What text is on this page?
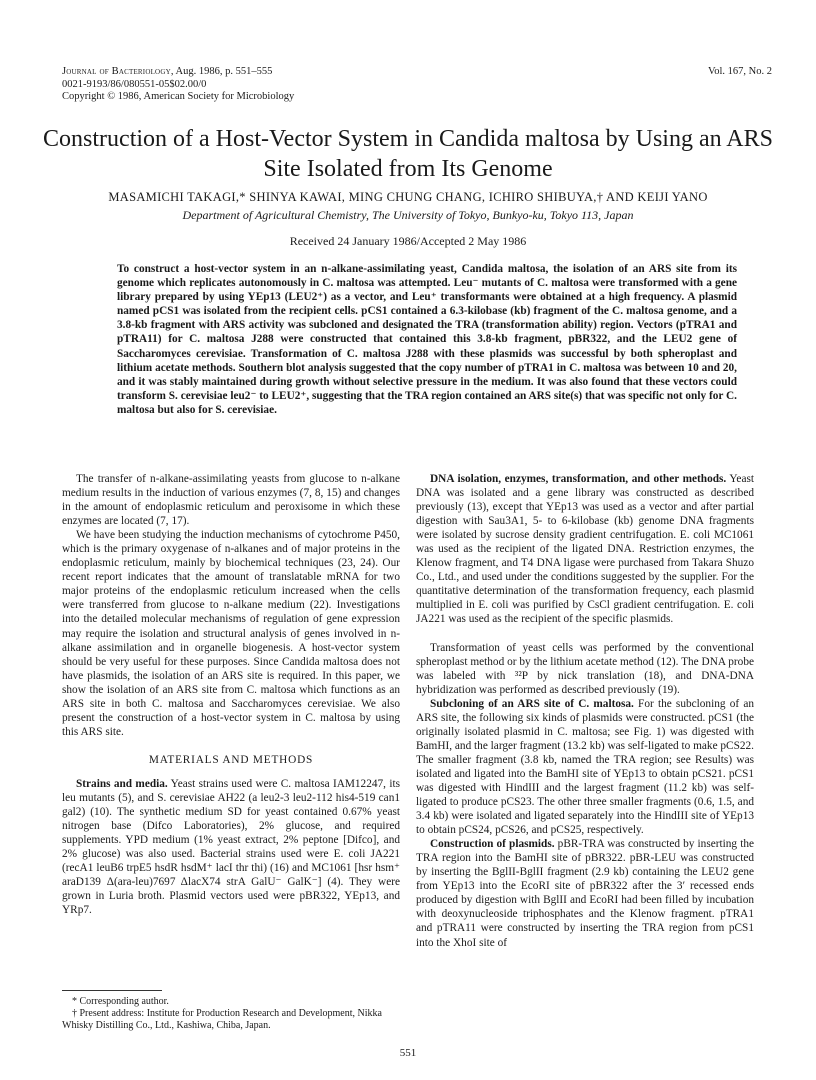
Journal of Bacteriology, Aug. 1986, p. 551–555
0021-9193/86/080551-05$02.00/0
Copyright © 1986, American Society for Microbiology
Vol. 167, No. 2
Construction of a Host-Vector System in Candida maltosa by Using an ARS Site Isolated from Its Genome
MASAMICHI TAKAGI,* SHINYA KAWAI, MING CHUNG CHANG, ICHIRO SHIBUYA,† AND KEIJI YANO
Department of Agricultural Chemistry, The University of Tokyo, Bunkyo-ku, Tokyo 113, Japan
Received 24 January 1986/Accepted 2 May 1986

To construct a host-vector system in an n-alkane-assimilating yeast, Candida maltosa, the isolation of an ARS site from its genome which replicates autonomously in C. maltosa was attempted. Leu⁻ mutants of C. maltosa were transformed with a gene library prepared by using YEp13 (LEU2⁺) as a vector, and Leu⁺ transformants were obtained at a high frequency. A plasmid named pCS1 was isolated from the recipient cells. pCS1 contained a 6.3-kilobase (kb) fragment of the C. maltosa genome, and a 3.8-kb fragment with ARS activity was subcloned and designated the TRA (transformation ability) region. Vectors (pTRA1 and pTRA11) for C. maltosa J288 were constructed that contained this 3.8-kb fragment, pBR322, and the LEU2 gene of Saccharomyces cerevisiae. Transformation of C. maltosa J288 with these plasmids was successful by both spheroplast and lithium acetate methods. Southern blot analysis suggested that the copy number of pTRA1 in C. maltosa was between 10 and 20, and it was stably maintained during growth without selective pressure in the medium. It was also found that these vectors could transform S. cerevisiae leu2⁻ to LEU2⁺, suggesting that the TRA region contained an ARS site(s) that was specific not only for C. maltosa but also for S. cerevisiae.

The transfer of n-alkane-assimilating yeasts from glucose to n-alkane medium results in the induction of various enzymes (7, 8, 15) and changes in the amount of endoplasmic reticulum and peroxisome in which these enzymes are located (7, 17).

We have been studying the induction mechanisms of cytochrome P450, which is the primary oxygenase of n-alkanes and of major proteins in the endoplasmic reticulum, mainly by biochemical techniques (23, 24). Our recent report indicates that the amount of translatable mRNA for two major proteins of the endoplasmic reticulum increased when the cells were transferred from glucose to n-alkane medium (22). Investigations into the detailed molecular mechanisms of regulation of gene expression may require the isolation and structural analysis of genes involved in n-alkane assimilation and in organelle biogenesis. A host-vector system should be very useful for these purposes. Since Candida maltosa does not have plasmids, the isolation of an ARS site is required. In this paper, we show the isolation of an ARS site from C. maltosa which functions as an ARS site in both C. maltosa and Saccharomyces cerevisiae. We also present the construction of a host-vector system in C. maltosa by using this ARS site.

MATERIALS AND METHODS

Strains and media. Yeast strains used were C. maltosa IAM12247, its leu mutants (5), and S. cerevisiae AH22 (a leu2-3 leu2-112 his4-519 can1 gal2) (10). The synthetic medium SD for yeast contained 0.67% yeast nitrogen base (Difco Laboratories), 2% glucose, and required supplements. YPD medium (1% yeast extract, 2% peptone [Difco], and 2% glucose) was also used. Bacterial strains used were E. coli JA221 (recA1 leuB6 trpE5 hsdR hsdM⁺ lacI thr thi) (16) and MC1061 [hsr hsm⁺ araD139 Δ(ara-leu)7697 ΔlacX74 strA GalU⁻ GalK⁻] (4). They were grown in Luria broth. Plasmid vectors used were pBR322, YEp13, and YRp7.

* Corresponding author.

† Present address: Institute for Production Research and Development, Nikka Whisky Distilling Co., Ltd., Kashiwa, Chiba, Japan.

DNA isolation, enzymes, transformation, and other methods. Yeast DNA was isolated and a gene library was constructed as described previously (13), except that YEp13 was used as a vector and after partial digestion with Sau3A1, 5- to 6-kilobase (kb) genome DNA fragments were isolated by sucrose density gradient centrifugation. E. coli MC1061 was used as the recipient of the ligated DNA. Restriction enzymes, the Klenow fragment, and T4 DNA ligase were purchased from Takara Shuzo Co., Ltd., and used under the conditions suggested by the supplier. For the quantitative determination of the transformation frequency, each plasmid multiplied in E. coli was purified by CsCl gradient centrifugation. E. coli JA221 was used as the recipient of the specific plasmids.

Transformation of yeast cells was performed by the conventional spheroplast method or by the lithium acetate method (12). The DNA probe was labeled with ³²P by nick translation (18), and DNA-DNA hybridization was performed as described previously (19).

Subcloning of an ARS site of C. maltosa. For the subcloning of an ARS site, the following six kinds of plasmids were constructed. pCS1 (the originally isolated plasmid in C. maltosa; see Fig. 1) was digested with BamHI, and the larger fragment (13.2 kb) was self-ligated to make pCS22. The smaller fragment (3.8 kb, named the TRA region; see Results) was isolated and ligated into the BamHI site of YEp13 to obtain pCS21. pCS1 was digested with HindIII and the largest fragment (11.2 kb) was self-ligated to produce pCS23. The other three smaller fragments (0.6, 1.5, and 3.4 kb) were isolated and ligated separately into the HindIII site of YEp13 to obtain pCS24, pCS26, and pCS25, respectively.

Construction of plasmids. pBR-TRA was constructed by inserting the TRA region into the BamHI site of pBR322. pBR-LEU was constructed by inserting the BglII-BglII fragment (2.9 kb) containing the LEU2 gene from YEp13 into the EcoRI site of pBR322 after the 3′ recessed ends produced by digestion with BglII and EcoRI had been filled by incubation with deoxynucleoside triphosphates and the Klenow fragment. pTRA1 and pTRA11 were constructed by inserting the TRA region from pCS1 into the XhoI site of

551
